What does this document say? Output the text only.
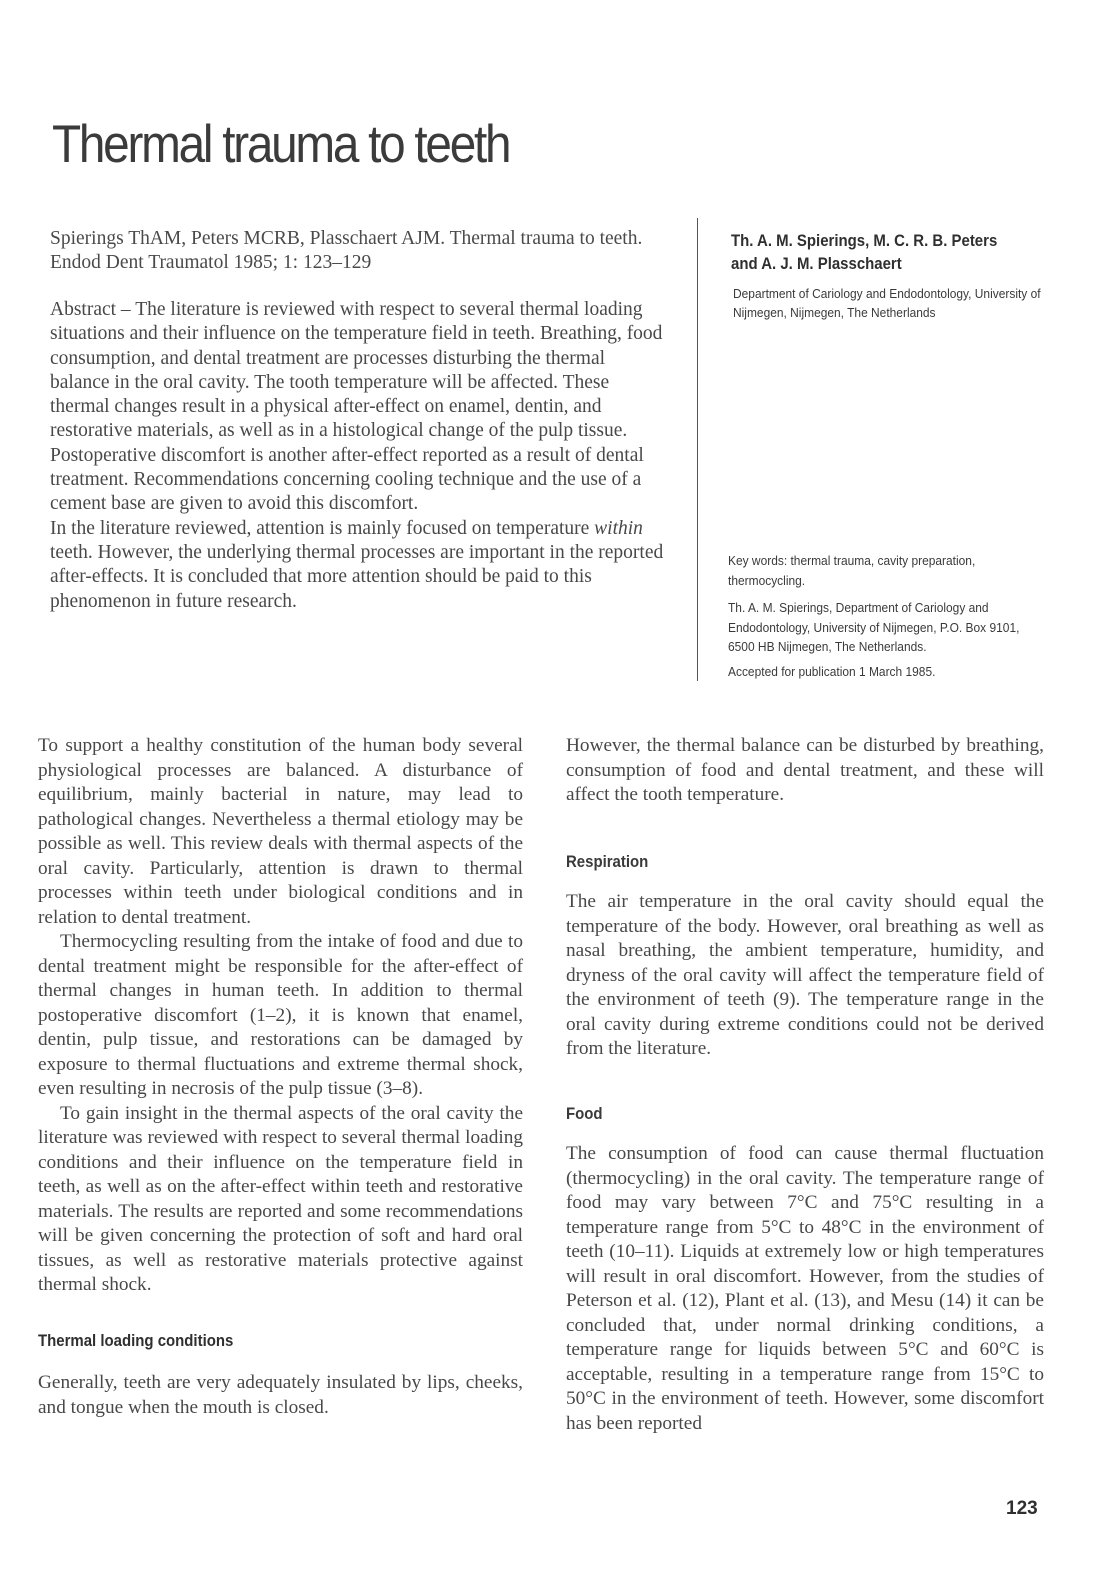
Thermal trauma to teeth

Spierings ThAM, Peters MCRB, Plasschaert AJM. Thermal trauma to teeth. Endod Dent Traumatol 1985; 1: 123–129

Abstract – The literature is reviewed with respect to several thermal loading situations and their influence on the temperature field in teeth. Breathing, food consumption, and dental treatment are processes disturbing the thermal balance in the oral cavity. The tooth temperature will be affected. These thermal changes result in a physical after-effect on enamel, dentin, and restorative materials, as well as in a histological change of the pulp tissue. Postoperative discomfort is another after-effect reported as a result of dental treatment. Recommendations concerning cooling technique and the use of a cement base are given to avoid this discomfort.

In the literature reviewed, attention is mainly focused on temperature within teeth. However, the underlying thermal processes are important in the reported after-effects. It is concluded that more attention should be paid to this phenomenon in future research.

Th. A. M. Spierings, M. C. R. B. Peters
and A. J. M. Plasschaert

Department of Cariology and Endodontology, University of Nijmegen, Nijmegen, The Netherlands

Key words: thermal trauma, cavity preparation, thermocycling.

Th. A. M. Spierings, Department of Cariology and Endodontology, University of Nijmegen, P.O. Box 9101, 6500 HB Nijmegen, The Netherlands.

Accepted for publication 1 March 1985.

To support a healthy constitution of the human body several physiological processes are balanced. A disturbance of equilibrium, mainly bacterial in nature, may lead to pathological changes. Nevertheless a thermal etiology may be possible as well. This review deals with thermal aspects of the oral cavity. Particularly, attention is drawn to thermal processes within teeth under biological conditions and in relation to dental treatment.

Thermocycling resulting from the intake of food and due to dental treatment might be responsible for the after-effect of thermal changes in human teeth. In addition to thermal postoperative discomfort (1–2), it is known that enamel, dentin, pulp tissue, and restorations can be damaged by exposure to thermal fluctuations and extreme thermal shock, even resulting in necrosis of the pulp tissue (3–8).

To gain insight in the thermal aspects of the oral cavity the literature was reviewed with respect to several thermal loading conditions and their influence on the temperature field in teeth, as well as on the after-effect within teeth and restorative materials. The results are reported and some recommendations will be given concerning the protection of soft and hard oral tissues, as well as restorative materials protective against thermal shock.

Thermal loading conditions

Generally, teeth are very adequately insulated by lips, cheeks, and tongue when the mouth is closed.

However, the thermal balance can be disturbed by breathing, consumption of food and dental treatment, and these will affect the tooth temperature.

Respiration

The air temperature in the oral cavity should equal the temperature of the body. However, oral breathing as well as nasal breathing, the ambient temperature, humidity, and dryness of the oral cavity will affect the temperature field of the environment of teeth (9). The temperature range in the oral cavity during extreme conditions could not be derived from the literature.

Food

The consumption of food can cause thermal fluctuation (thermocycling) in the oral cavity. The temperature range of food may vary between 7°C and 75°C resulting in a temperature range from 5°C to 48°C in the environment of teeth (10–11). Liquids at extremely low or high temperatures will result in oral discomfort. However, from the studies of Peterson et al. (12), Plant et al. (13), and Mesu (14) it can be concluded that, under normal drinking conditions, a temperature range for liquids between 5°C and 60°C is acceptable, resulting in a temperature range from 15°C to 50°C in the environment of teeth. However, some discomfort has been reported

123
